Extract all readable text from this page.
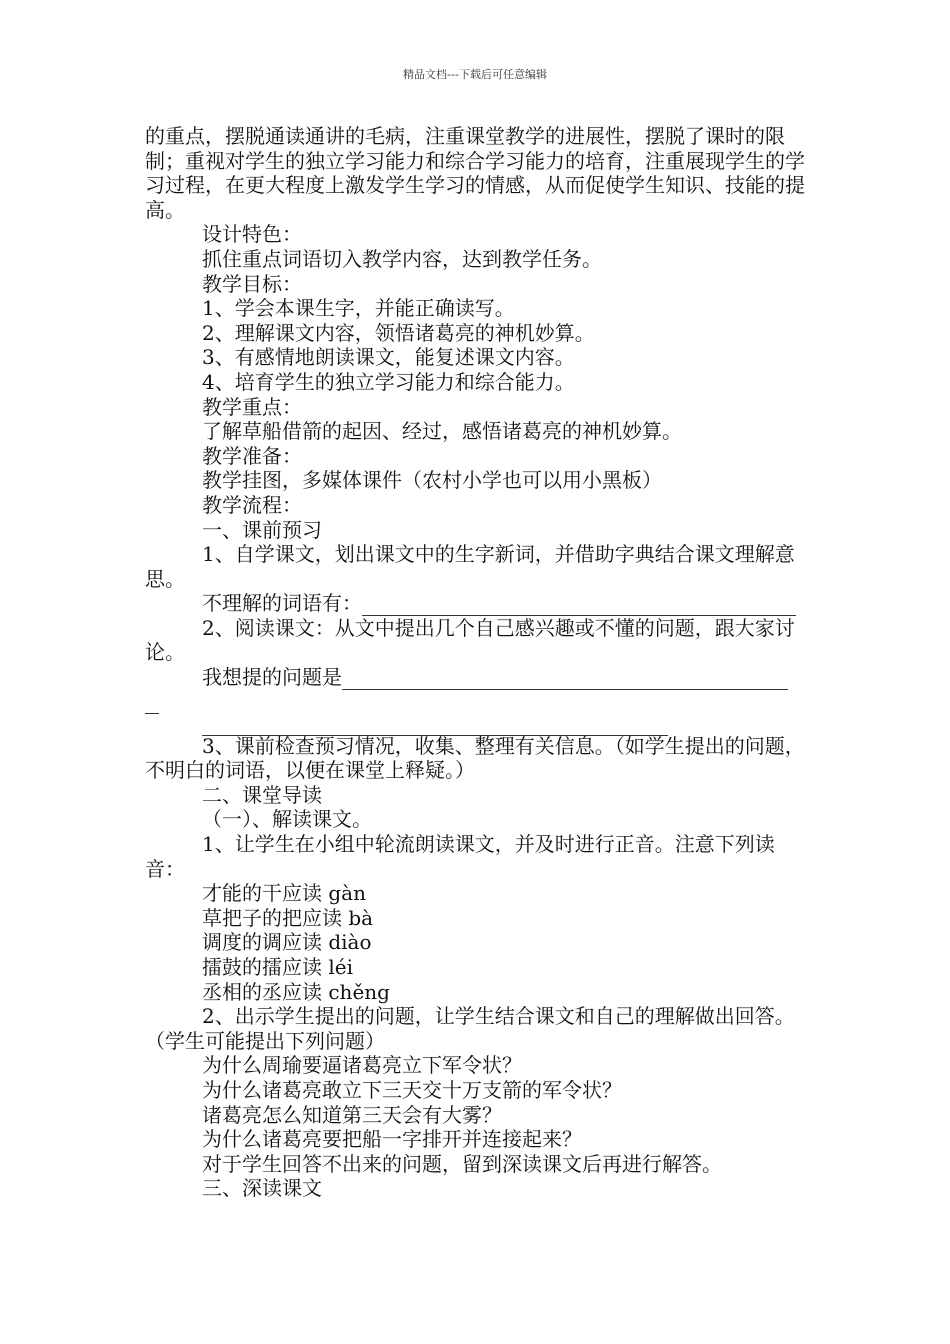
精品文档---下载后可任意编辑

的重点，摆脱通读通讲的毛病，注重课堂教学的进展性，摆脱了课时的限制；重视对学生的独立学习能力和综合学习能力的培育，注重展现学生的学习过程，在更大程度上激发学生学习的情感，从而促使学生知识、技能的提高。

设计特色：

抓住重点词语切入教学内容，达到教学任务。

教学目标：

1、学会本课生字，并能正确读写。

2、理解课文内容，领悟诸葛亮的神机妙算。

3、有感情地朗读课文，能复述课文内容。

4、培育学生的独立学习能力和综合能力。

教学重点：

了解草船借箭的起因、经过，感悟诸葛亮的神机妙算。

教学准备：

教学挂图，多媒体课件（农村小学也可以用小黑板）

教学流程：

一、课前预习

1、自学课文，划出课文中的生字新词，并借助字典结合课文理解意思。

不理解的词语有：

2、阅读课文：从文中提出几个自己感兴趣或不懂的问题，跟大家讨论。

我想提的问题是

3、课前检查预习情况，收集、整理有关信息。（如学生提出的问题，不明白的词语，以便在课堂上释疑。）

二、课堂导读

（一）、解读课文。

1、让学生在小组中轮流朗读课文，并及时进行正音。注意下列读音：

才能的干应读 gàn

草把子的把应读 bà

调度的调应读 diào

擂鼓的擂应读 léi

丞相的丞应读 chěng

2、出示学生提出的问题，让学生结合课文和自己的理解做出回答。（学生可能提出下列问题）

为什么周瑜要逼诸葛亮立下军令状？

为什么诸葛亮敢立下三天交十万支箭的军令状？

诸葛亮怎么知道第三天会有大雾？

为什么诸葛亮要把船一字排开并连接起来？

对于学生回答不出来的问题，留到深读课文后再进行解答。

三、深读课文
